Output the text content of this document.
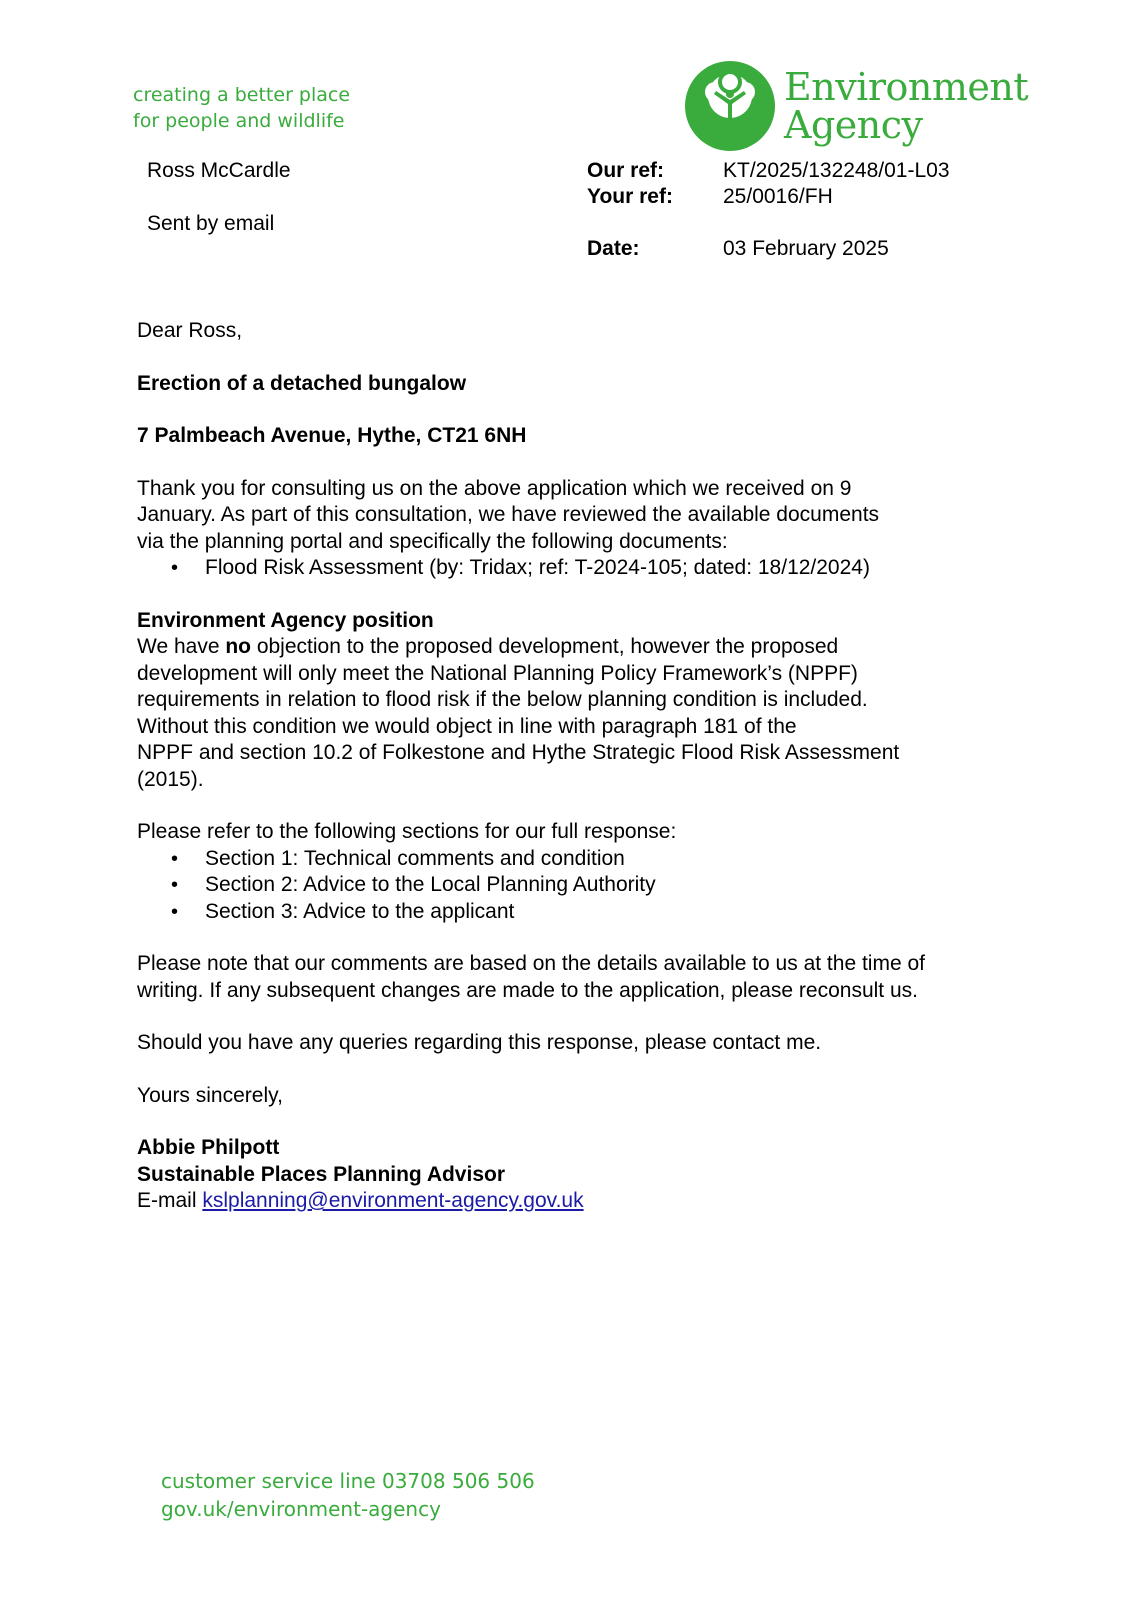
creating a better place
for people and wildlife
Environment
Agency
Ross McCardle
Sent by email
Our ref:	KT/2025/132248/01-L03
Your ref: 25/0016/FH
Date:	03 February 2025

Dear Ross,

Erection of a detached bungalow

7 Palmbeach Avenue, Hythe, CT21 6NH

Thank you for consulting us on the above application which we received on 9
January. As part of this consultation, we have reviewed the available documents
via the planning portal and specifically the following documents:
• Flood Risk Assessment (by: Tridax; ref: T-2024-105; dated: 18/12/2024)

Environment Agency position

We have no objection to the proposed development, however the proposed
development will only meet the National Planning Policy Framework’s (NPPF)
requirements in relation to flood risk if the below planning condition is included.
Without this condition we would object in line with paragraph 181 of the
NPPF and section 10.2 of Folkestone and Hythe Strategic Flood Risk Assessment
(2015).

Please refer to the following sections for our full response:

• Section 1: Technical comments and condition
• Section 2: Advice to the Local Planning Authority
• Section 3: Advice to the applicant
Please note that our comments are based on the details available to us at the time of
writing. If any subsequent changes are made to the application, please reconsult us.

Should you have any queries regarding this response, please contact me.

Yours sincerely,

Abbie Philpott
Sustainable Places Planning Advisor
E-mail kslplanning@environment-agency.gov.uk
customer service line 03708 506 506
gov.uk/environment-agency
